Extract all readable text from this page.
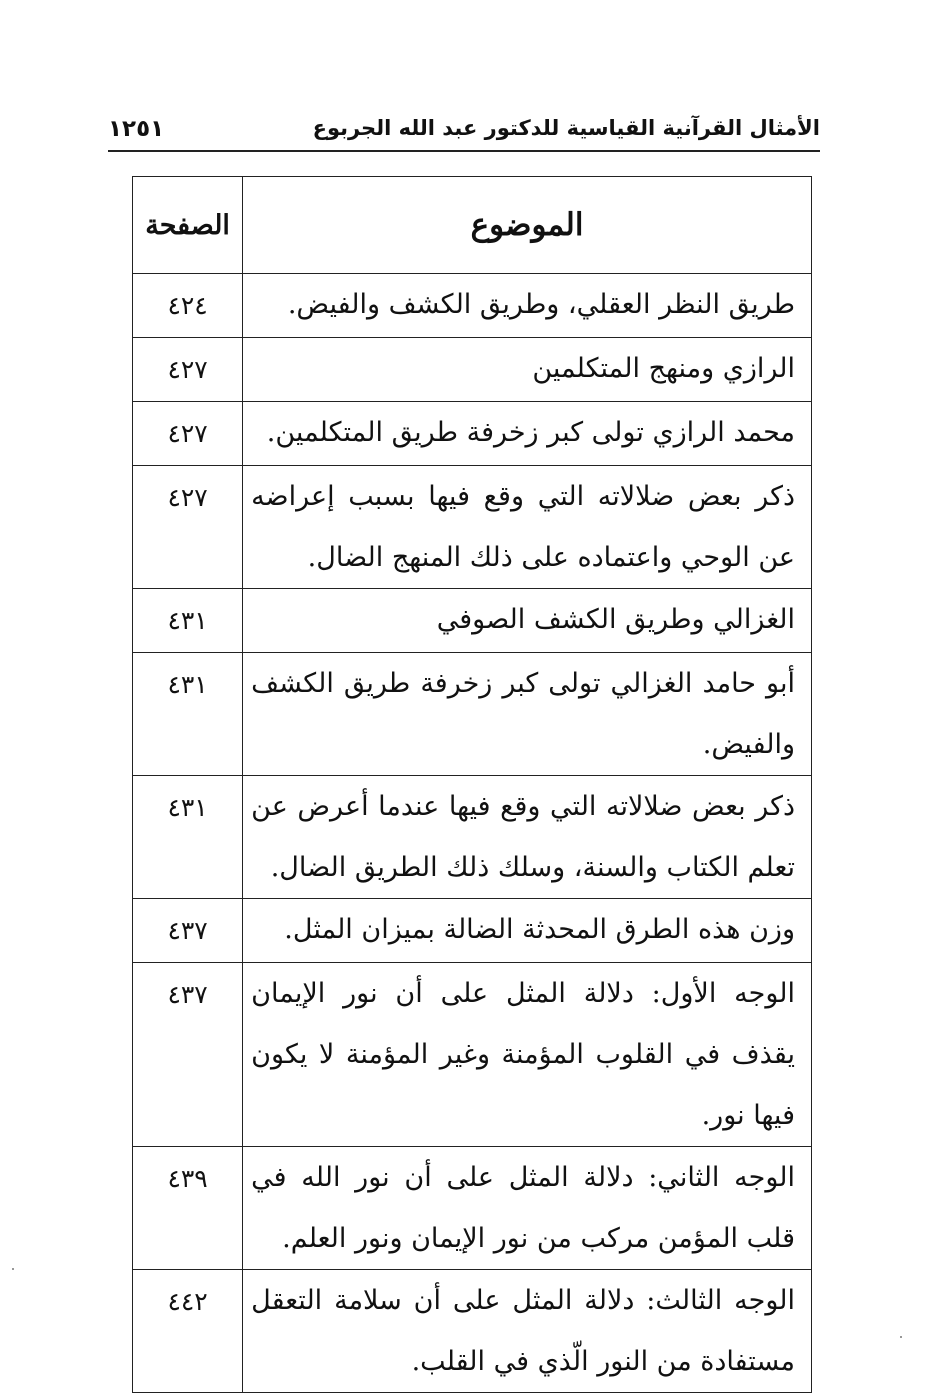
الأمثال القرآنية القياسية للدكتور عبد الله الجربوع
١٢٥١
الموضوع	الصفحة
طريق النظر العقلي، وطريق الكشف والفيض.	٤٢٤
الرازي ومنهج المتكلمين	٤٢٧
محمد الرازي تولى كبر زخرفة طريق المتكلمين.	٤٢٧
ذكر بعض ضلالاته التي وقع فيها بسبب إعراضه عن الوحي واعتماده على ذلك المنهج الضال.	٤٢٧
الغزالي وطريق الكشف الصوفي	٤٣١
أبو حامد الغزالي تولى كبر زخرفة طريق الكشف والفيض.	٤٣١
ذكر بعض ضلالاته التي وقع فيها عندما أعرض عن تعلم الكتاب والسنة، وسلك ذلك الطريق الضال.	٤٣١
وزن هذه الطرق المحدثة الضالة بميزان المثل.	٤٣٧
الوجه الأول: دلالة المثل على أن نور الإيمان يقذف في القلوب المؤمنة وغير المؤمنة لا يكون فيها نور.	٤٣٧
الوجه الثاني: دلالة المثل على أن نور الله في قلب المؤمن مركب من نور الإيمان ونور العلم.	٤٣٩
الوجه الثالث: دلالة المثل على أن سلامة التعقل مستفادة من النور الّذي في القلب.	٤٤٢
